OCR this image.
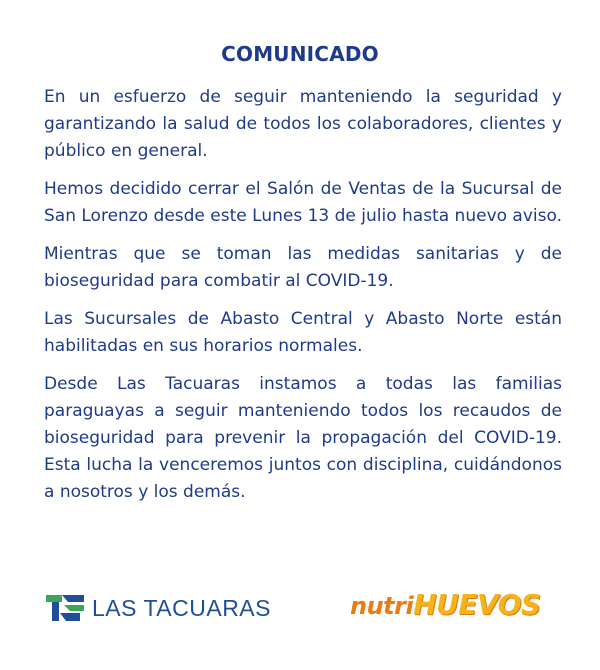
COMUNICADO

En un esfuerzo de seguir manteniendo la seguridad y garantizando la salud de todos los colaboradores, clientes y público en general.

Hemos decidido cerrar el Salón de Ventas de la Sucursal de San Lorenzo desde este Lunes 13 de julio hasta nuevo aviso.

Mientras que se toman las medidas sanitarias y de bioseguridad para combatir al COVID-19.

Las Sucursales de Abasto Central y Abasto Norte están habilitadas en sus horarios normales.

Desde Las Tacuaras instamos a todas las familias paraguayas a seguir manteniendo todos los recaudos de bioseguridad para prevenir la propagación del COVID-19. Esta lucha la venceremos juntos con disciplina, cuidándonos a nosotros y los demás.

LAS TACUARAS	nutri HUEVOS
